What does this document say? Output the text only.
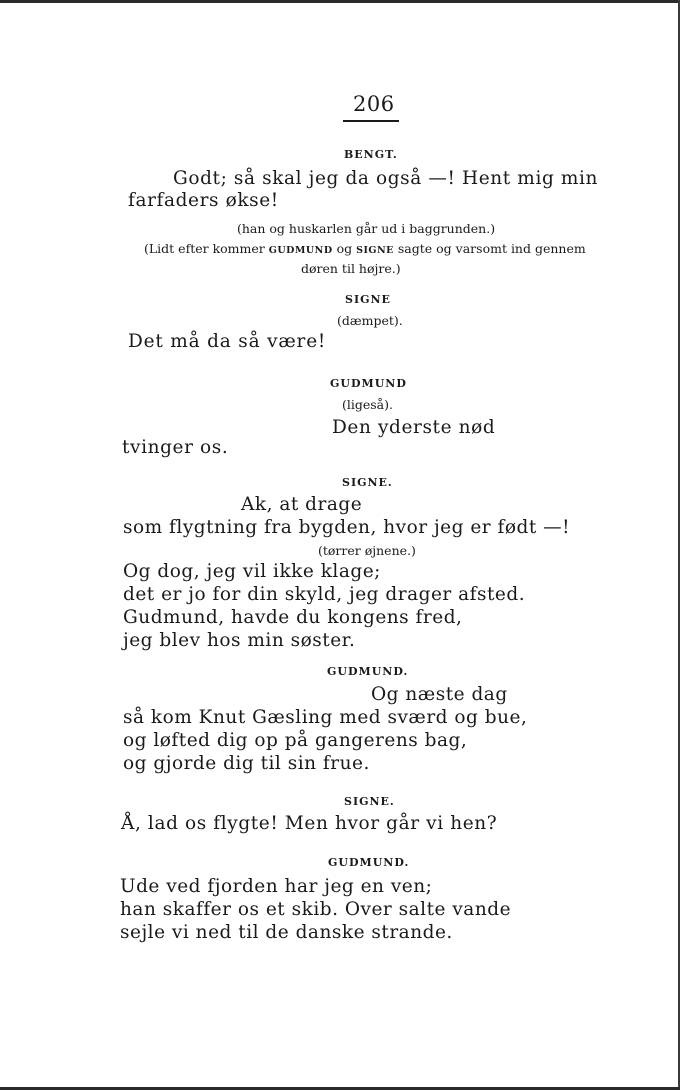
206
BENGT.
Godt; så skal jeg da også —! Hent mig min
farfaders økse!
(han og huskarlen går ud i baggrunden.)
(Lidt efter kommer GUDMUND og SIGNE sagte og varsomt ind gennem
døren til højre.)
SIGNE
(dæmpet).
Det må da så være!
GUDMUND
(ligeså).
Den yderste nød
tvinger os.
SIGNE.
Ak, at drage
som flygtning fra bygden, hvor jeg er født —!
(tørrer øjnene.)
Og dog, jeg vil ikke klage;
det er jo for din skyld, jeg drager afsted.
Gudmund, havde du kongens fred,
jeg blev hos min søster.
GUDMUND.
Og næste dag
så kom Knut Gæsling med sværd og bue,
og løfted dig op på gangerens bag,
og gjorde dig til sin frue.
SIGNE.
Å, lad os flygte! Men hvor går vi hen?
GUDMUND.
Ude ved fjorden har jeg en ven;
han skaffer os et skib. Over salte vande
sejle vi ned til de danske strande.
